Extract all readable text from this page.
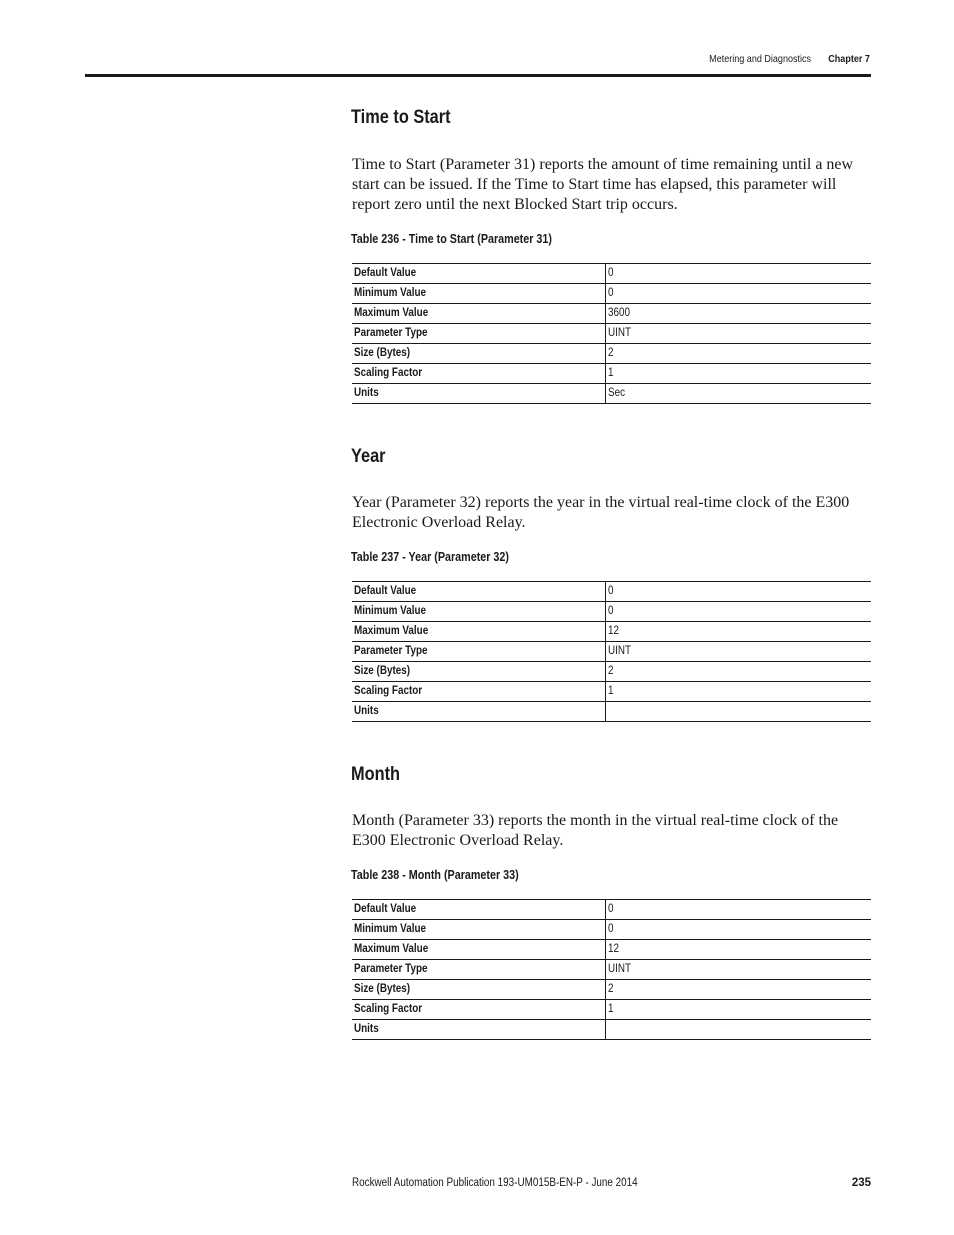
Metering and Diagnostics Chapter 7
Time to Start

Time to Start (Parameter 31) reports the amount of time remaining until a new start can be issued. If the Time to Start time has elapsed, this parameter will report zero until the next Blocked Start trip occurs.

Table 236 - Time to Start (Parameter 31)

Default Value	0
Minimum Value	0
Maximum Value	3600
Parameter Type	UINT
Size (Bytes)	2
Scaling Factor	1
Units	Sec
Year

Year (Parameter 32) reports the year in the virtual real-time clock of the E300 Electronic Overload Relay.

Table 237 - Year (Parameter 32)

Default Value	0
Minimum Value	0
Maximum Value	12
Parameter Type	UINT
Size (Bytes)	2
Scaling Factor	1
Units	
Month

Month (Parameter 33) reports the month in the virtual real-time clock of the E300 Electronic Overload Relay.

Table 238 - Month (Parameter 33)

Default Value	0
Minimum Value	0
Maximum Value	12
Parameter Type	UINT
Size (Bytes)	2
Scaling Factor	1
Units	
Rockwell Automation Publication 193-UM015B-EN-P - June 2014	235
